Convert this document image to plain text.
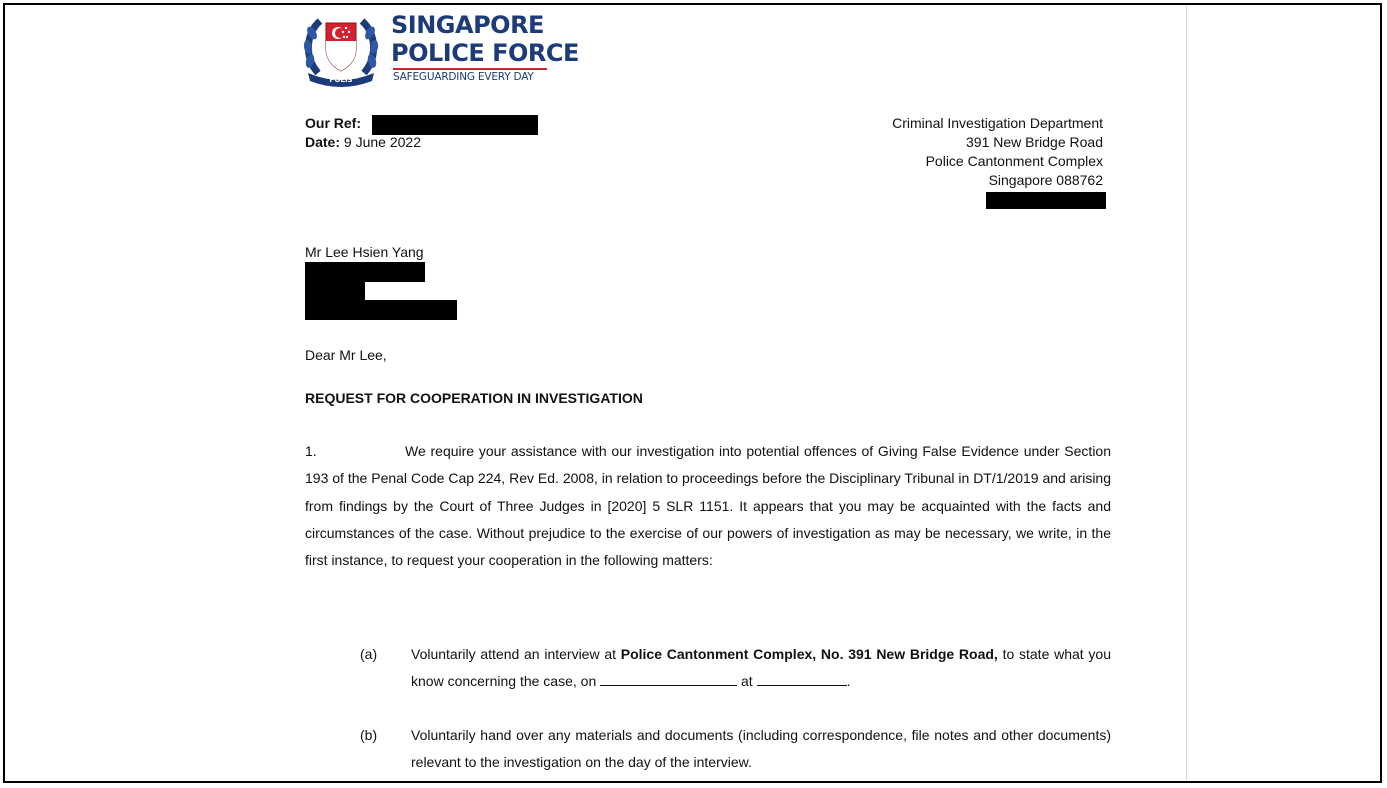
POLIS
SINGAPORE
POLICE FORCE
SAFEGUARDING EVERY DAY
Our Ref:
Date: 9 June 2022
Criminal Investigation Department
391 New Bridge Road
Police Cantonment Complex
Singapore 088762
Mr Lee Hsien Yang
Dear Mr Lee,
REQUEST FOR COOPERATION IN INVESTIGATION

1.	We require your assistance with our investigation into potential offences of Giving False Evidence under Section 193 of the Penal Code Cap 224, Rev Ed. 2008, in relation to proceedings before the Disciplinary Tribunal in DT/1/2019 and arising from findings by the Court of Three Judges in [2020] 5 SLR 1151. It appears that you may be acquainted with the facts and circumstances of the case. Without prejudice to the exercise of our powers of investigation as may be necessary, we write, in the first instance, to request your cooperation in the following matters:

(a)	Voluntarily attend an interview at Police Cantonment Complex, No. 391 New Bridge Road, to state what you know concerning the case, on	at	.
(b)	Voluntarily hand over any materials and documents (including correspondence, file notes and other documents) relevant to the investigation on the day of the interview.
